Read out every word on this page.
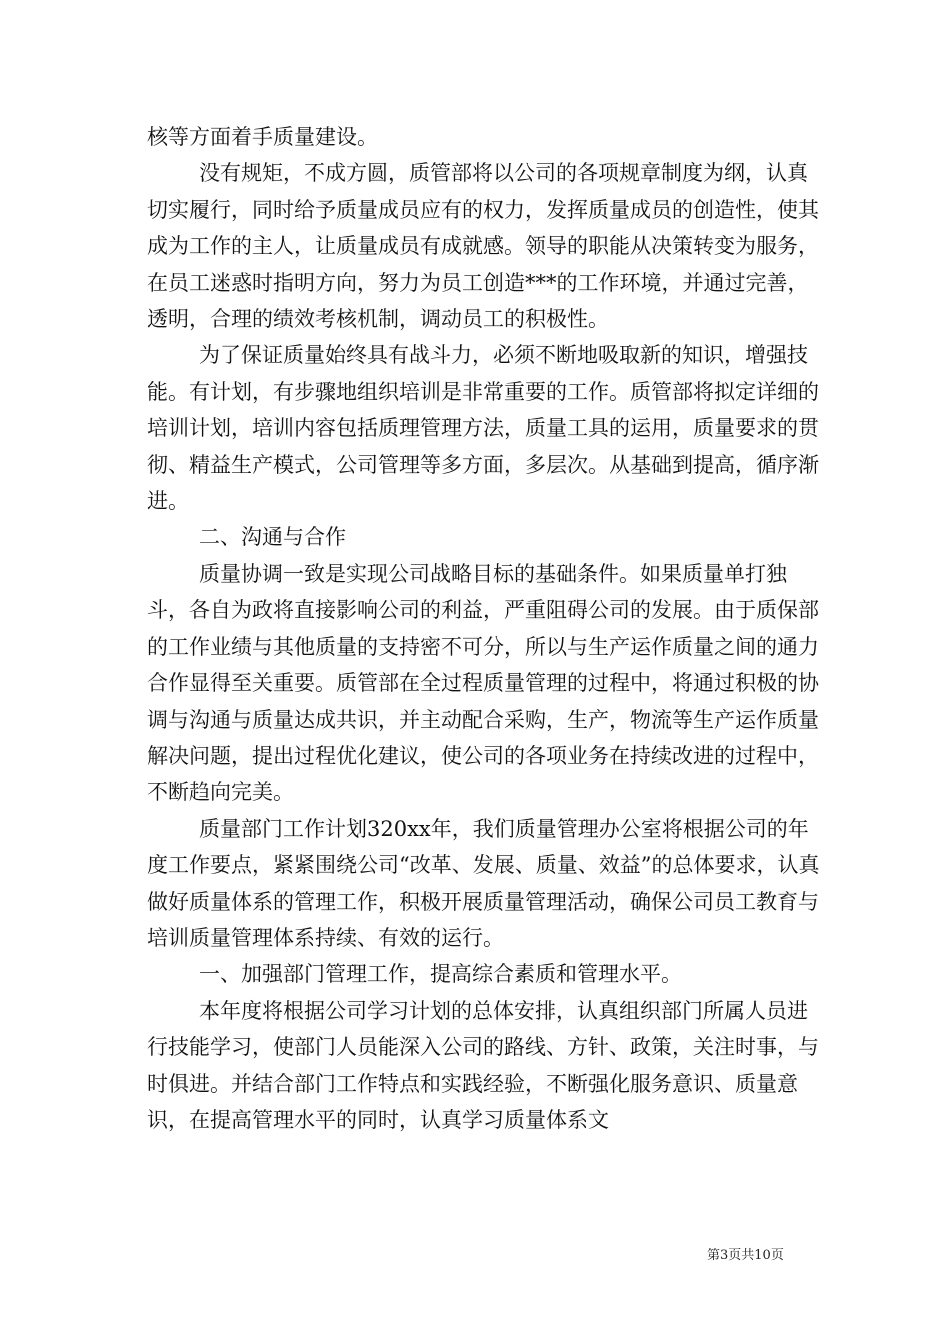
核等方面着手质量建设。

没有规矩，不成方圆，质管部将以公司的各项规章制度为纲，认真切实履行，同时给予质量成员应有的权力，发挥质量成员的创造性，使其成为工作的主人，让质量成员有成就感。领导的职能从决策转变为服务，在员工迷惑时指明方向，努力为员工创造***的工作环境，并通过完善，透明，合理的绩效考核机制，调动员工的积极性。

为了保证质量始终具有战斗力，必须不断地吸取新的知识，增强技能。有计划，有步骤地组织培训是非常重要的工作。质管部将拟定详细的培训计划，培训内容包括质理管理方法，质量工具的运用，质量要求的贯彻、精益生产模式，公司管理等多方面，多层次。从基础到提高，循序渐进。

二、沟通与合作

质量协调一致是实现公司战略目标的基础条件。如果质量单打独斗，各自为政将直接影响公司的利益，严重阻碍公司的发展。由于质保部的工作业绩与其他质量的支持密不可分，所以与生产运作质量之间的通力合作显得至关重要。质管部在全过程质量管理的过程中，将通过积极的协调与沟通与质量达成共识，并主动配合采购，生产，物流等生产运作质量解决问题，提出过程优化建议，使公司的各项业务在持续改进的过程中，不断趋向完美。

质量部门工作计划320xx年，我们质量管理办公室将根据公司的年度工作要点，紧紧围绕公司“改革、发展、质量、效益”的总体要求，认真做好质量体系的管理工作，积极开展质量管理活动，确保公司员工教育与培训质量管理体系持续、有效的运行。

一、加强部门管理工作，提高综合素质和管理水平。

本年度将根据公司学习计划的总体安排，认真组织部门所属人员进行技能学习，使部门人员能深入公司的路线、方针、政策，关注时事，与时俱进。并结合部门工作特点和实践经验，不断强化服务意识、质量意识，在提高管理水平的同时，认真学习质量体系文

第3页共10页
